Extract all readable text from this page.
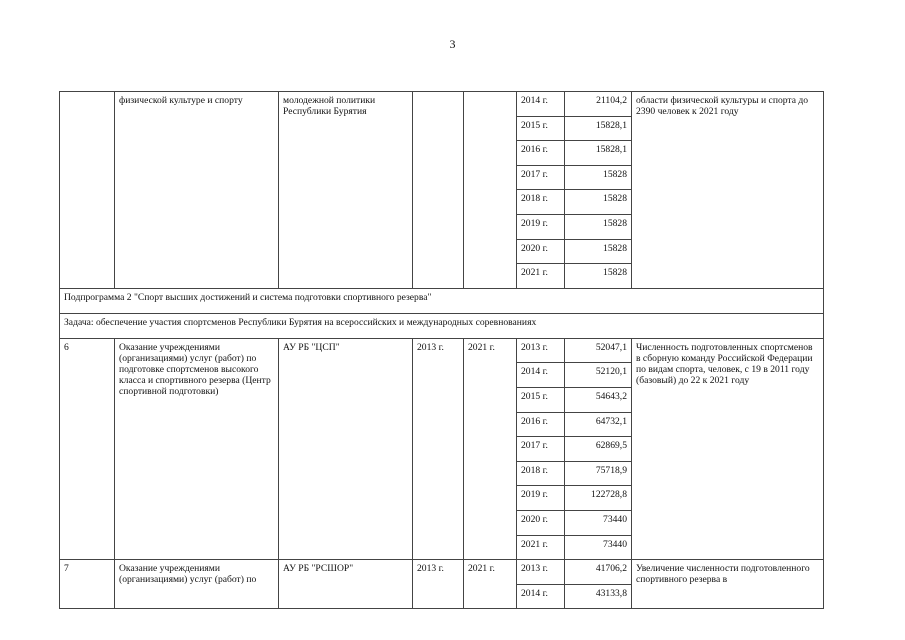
3
	физической культуре и спорту	молодежной политики Республики Бурятия			2014 г.	21104,2	области физической культуры и спорта до 2390 человек к 2021 году
					2015 г.	15828,1	
					2016 г.	15828,1	
					2017 г.	15828	
					2018 г.	15828	
					2019 г.	15828	
					2020 г.	15828	
					2021 г.	15828	
Подпрограмма 2 "Спорт высших достижений и система подготовки спортивного резерва"							
Задача: обеспечение участия спортсменов Республики Бурятия на всероссийских и международных соревнованиях							
6	Оказание учреждениями (организациями) услуг (работ) по подготовке спортсменов высокого класса и спортивного резерва (Центр спортивной подготовки)	АУ РБ "ЦСП"	2013 г.	2021 г.	2013 г.	52047,1	Численность подготовленных спортсменов в сборную команду Российской Федерации по видам спорта, человек, с 19 в 2011 году (базовый) до 22 к 2021 году
					2014 г.	52120,1	
					2015 г.	54643,2	
					2016 г.	64732,1	
					2017 г.	62869,5	
					2018 г.	75718,9	
					2019 г.	122728,8	
					2020 г.	73440	
					2021 г.	73440	
7	Оказание учреждениями (организациями) услуг (работ) по	АУ РБ "РСШОР"	2013 г.	2021 г.	2013 г.	41706,2	Увеличение численности подготовленного спортивного резерва в
					2014 г.	43133,8	
